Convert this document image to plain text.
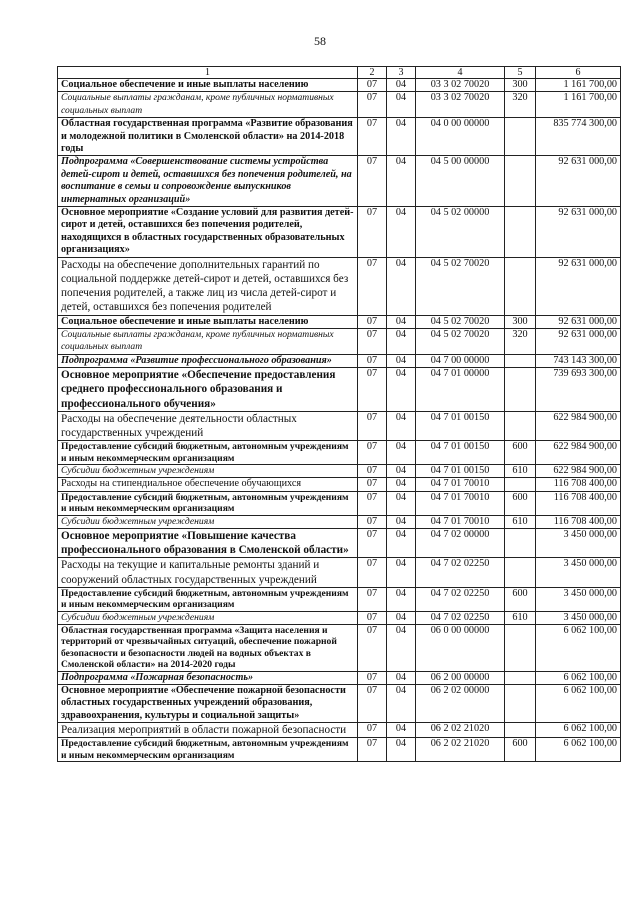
58
1	2	3	4	5	6
Социальное обеспечение и иные выплаты населению	07	04	03 3 02 70020	300	1 161 700,00
Социальные выплаты гражданам, кроме публичных нормативных социальных выплат	07	04	03 3 02 70020	320	1 161 700,00
Областная государственная программа «Развитие образования и молодежной политики в Смоленской области» на 2014-2018 годы	07	04	04 0 00 00000		835 774 300,00
Подпрограмма «Совершенствование системы устройства детей-сирот и детей, оставшихся без попечения родителей, на воспитание в семьи и сопровождение выпускников интернатных организаций»	07	04	04 5 00 00000		92 631 000,00
Основное мероприятие «Создание условий для развития детей-сирот и детей, оставшихся без попечения родителей, находящихся в областных государственных образовательных организациях»	07	04	04 5 02 00000		92 631 000,00
Расходы на обеспечение дополнительных гарантий по социальной поддержке детей-сирот и детей, оставшихся без попечения родителей, а также лиц из числа детей-сирот и детей, оставшихся без попечения родителей	07	04	04 5 02 70020		92 631 000,00
Социальное обеспечение и иные выплаты населению	07	04	04 5 02 70020	300	92 631 000,00
Социальные выплаты гражданам, кроме публичных нормативных социальных выплат	07	04	04 5 02 70020	320	92 631 000,00
Подпрограмма «Развитие профессионального образования»	07	04	04 7 00 00000		743 143 300,00
Основное мероприятие «Обеспечение предоставления среднего профессионального образования и профессионального обучения»	07	04	04 7 01 00000		739 693 300,00
Расходы на обеспечение деятельности областных государственных учреждений	07	04	04 7 01 00150		622 984 900,00
Предоставление субсидий бюджетным, автономным учреждениям и иным некоммерческим организациям	07	04	04 7 01 00150	600	622 984 900,00
Субсидии бюджетным учреждениям	07	04	04 7 01 00150	610	622 984 900,00
Расходы на стипендиальное обеспечение обучающихся	07	04	04 7 01 70010		116 708 400,00
Предоставление субсидий бюджетным, автономным учреждениям и иным некоммерческим организациям	07	04	04 7 01 70010	600	116 708 400,00
Субсидии бюджетным учреждениям	07	04	04 7 01 70010	610	116 708 400,00
Основное мероприятие «Повышение качества профессионального образования в Смоленской области»	07	04	04 7 02 00000		3 450 000,00
Расходы на текущие и капитальные ремонты зданий и сооружений областных государственных учреждений	07	04	04 7 02 02250		3 450 000,00
Предоставление субсидий бюджетным, автономным учреждениям и иным некоммерческим организациям	07	04	04 7 02 02250	600	3 450 000,00
Субсидии бюджетным учреждениям	07	04	04 7 02 02250	610	3 450 000,00
Областная государственная программа «Защита населения и территорий от чрезвычайных ситуаций, обеспечение пожарной безопасности и безопасности людей на водных объектах в Смоленской области» на 2014-2020 годы	07	04	06 0 00 00000		6 062 100,00
Подпрограмма «Пожарная безопасность»	07	04	06 2 00 00000		6 062 100,00
Основное мероприятие «Обеспечение пожарной безопасности областных государственных учреждений образования, здравоохранения, культуры и социальной защиты»	07	04	06 2 02 00000		6 062 100,00
Реализация мероприятий в области пожарной безопасности	07	04	06 2 02 21020		6 062 100,00
Предоставление субсидий бюджетным, автономным учреждениям и иным некоммерческим организациям	07	04	06 2 02 21020	600	6 062 100,00
